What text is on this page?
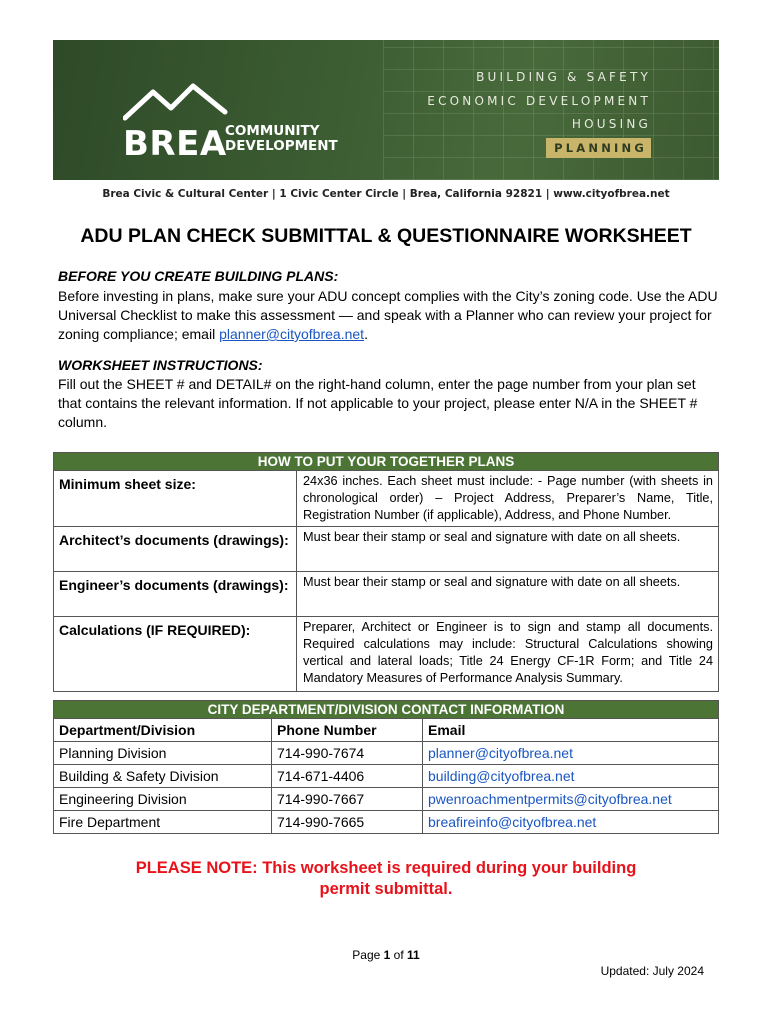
BREA
COMMUNITY
DEVELOPMENT
BUILDING & SAFETY
ECONOMIC DEVELOPMENT
HOUSING
PLANNING
Brea Civic & Cultural Center | 1 Civic Center Circle | Brea, California 92821 | www.cityofbrea.net
ADU PLAN CHECK SUBMITTAL & QUESTIONNAIRE WORKSHEET
BEFORE YOU CREATE BUILDING PLANS:

Before investing in plans, make sure your ADU concept complies with the City’s zoning code. Use the ADU Universal Checklist to make this assessment — and speak with a Planner who can review your project for zoning compliance; email planner@cityofbrea.net.

WORKSHEET INSTRUCTIONS:

Fill out the SHEET # and DETAIL# on the right-hand column, enter the page number from your plan set that contains the relevant information. If not applicable to your project, please enter N/A in the SHEET # column.

HOW TO PUT YOUR TOGETHER PLANS	
Minimum sheet size:	24x36 inches. Each sheet must include: - Page number (with sheets in chronological order) – Project Address, Preparer’s Name, Title, Registration Number (if applicable), Address, and Phone Number.
Architect’s documents (drawings):	Must bear their stamp or seal and signature with date on all sheets.
Engineer’s documents (drawings):	Must bear their stamp or seal and signature with date on all sheets.
Calculations (IF REQUIRED):	Preparer, Architect or Engineer is to sign and stamp all documents. Required calculations may include: Structural Calculations showing vertical and lateral loads; Title 24 Energy CF-1R Form; and Title 24 Mandatory Measures of Performance Analysis Summary.
CITY DEPARTMENT/DIVISION CONTACT INFORMATION		
Department/Division	Phone Number	Email
Planning Division	714-990-7674	planner@cityofbrea.net
Building & Safety Division	714-671-4406	building@cityofbrea.net
Engineering Division	714-990-7667	pwenroachmentpermits@cityofbrea.net
Fire Department	714-990-7665	breafireinfo@cityofbrea.net
PLEASE NOTE: This worksheet is required during your building
permit submittal.
Page 1 of 11
Updated: July 2024
